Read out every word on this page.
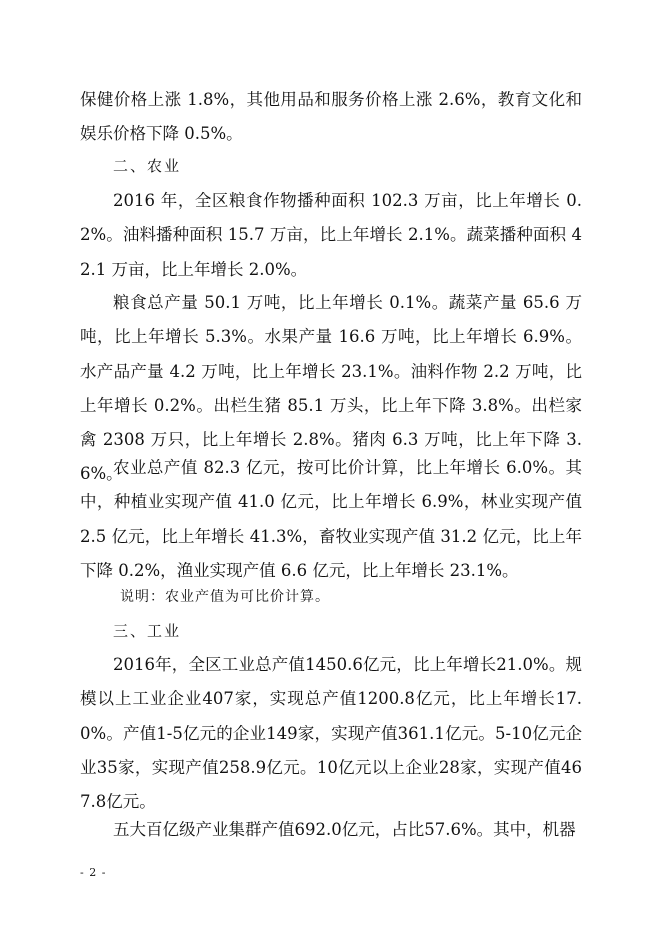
保健价格上涨 1.8%，其他用品和服务价格上涨 2.6%，教育文化和娱乐价格下降 0.5%。

二、农业

2016 年，全区粮食作物播种面积 102.3 万亩，比上年增长 0.2%。油料播种面积 15.7 万亩，比上年增长 2.1%。蔬菜播种面积 42.1 万亩，比上年增长 2.0%。

粮食总产量 50.1 万吨，比上年增长 0.1%。蔬菜产量 65.6 万吨，比上年增长 5.3%。水果产量 16.6 万吨，比上年增长 6.9%。水产品产量 4.2 万吨，比上年增长 23.1%。油料作物 2.2 万吨，比上年增长 0.2%。出栏生猪 85.1 万头，比上年下降 3.8%。出栏家禽 2308 万只，比上年增长 2.8%。猪肉 6.3 万吨，比上年下降 3.6%。

农业总产值 82.3 亿元，按可比价计算，比上年增长 6.0%。其中，种植业实现产值 41.0 亿元，比上年增长 6.9%，林业实现产值 2.5 亿元，比上年增长 41.3%，畜牧业实现产值 31.2 亿元，比上年下降 0.2%，渔业实现产值 6.6 亿元，比上年增长 23.1%。

说明：农业产值为可比价计算。

三、工业

2016年，全区工业总产值1450.6亿元，比上年增长21.0%。规模以上工业企业407家，实现总产值1200.8亿元，比上年增长17.0%。产值1-5亿元的企业149家，实现产值361.1亿元。5-10亿元企业35家，实现产值258.9亿元。10亿元以上企业28家，实现产值467.8亿元。

五大百亿级产业集群产值692.0亿元，占比57.6%。其中，机器

- 2 -
